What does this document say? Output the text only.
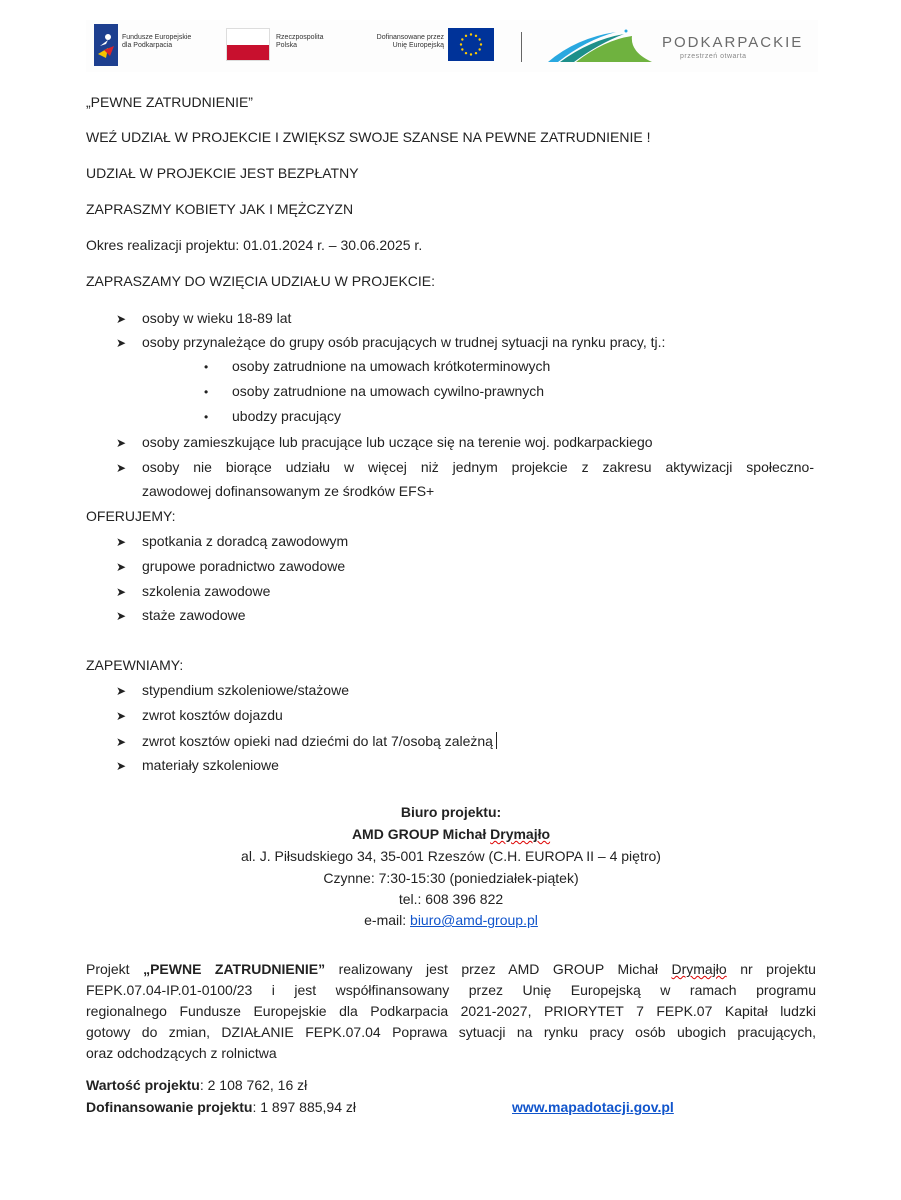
Fundusze Europejskie
dla Podkarpacia
Rzeczpospolita
Polska
Dofinansowane przez
Unię Europejską	PODKARPACKIE
przestrzeń otwarta
„PEWNE ZATRUDNIENIE”
WEŹ UDZIAŁ W PROJEKCIE I ZWIĘKSZ SWOJE SZANSE NA PEWNE ZATRUDNIENIE !
UDZIAŁ W PROJEKCIE JEST BEZPŁATNY
ZAPRASZMY KOBIETY JAK I MĘŻCZYZN
Okres realizacji projektu: 01.01.2024 r. – 30.06.2025 r.
ZAPRASZAMY DO WZIĘCIA UDZIAŁU W PROJEKCIE:
➤ osoby w wieku 18-89 lat
➤ osoby przynależące do grupy osób pracujących w trudnej sytuacji na rynku pracy, tj.:
• osoby zatrudnione na umowach krótkoterminowych
• osoby zatrudnione na umowach cywilno-prawnych
• ubodzy pracujący
➤ osoby zamieszkujące lub pracujące lub uczące się na terenie woj. podkarpackiego
➤	osoby nie biorące udziału w więcej niż jednym projekcie z zakresu aktywizacji społeczno-
zawodowej dofinansowanym ze środków EFS+
OFERUJEMY:
➤ spotkania z doradcą zawodowym
➤ grupowe poradnictwo zawodowe
➤ szkolenia zawodowe
➤ staże zawodowe
ZAPEWNIAMY:
➤ stypendium szkoleniowe/stażowe
➤ zwrot kosztów dojazdu
➤ zwrot kosztów opieki nad dziećmi do lat 7/osobą zależną
➤ materiały szkoleniowe
Biuro projektu:
AMD GROUP Michał Drymajło
al. J. Piłsudskiego 34, 35-001 Rzeszów (C.H. EUROPA II – 4 piętro)
Czynne: 7:30-15:30 (poniedziałek-piątek)
tel.: 608 396 822
e-mail: biuro@amd-group.pl
Projekt „PEWNE ZATRUDNIENIE” realizowany jest przez AMD GROUP Michał Drymajło nr projektu
FEPK.07.04-IP.01-0100/23 i jest współfinansowany przez Unię Europejską w ramach programu
regionalnego Fundusze Europejskie dla Podkarpacia 2021-2027, PRIORYTET 7 FEPK.07 Kapitał ludzki
gotowy do zmian, DZIAŁANIE FEPK.07.04 Poprawa sytuacji na rynku pracy osób ubogich pracujących,
oraz odchodzących z rolnictwa
Wartość projektu: 2 108 762, 16 zł
Dofinansowanie projektu: 1 897 885,94 zł	www.mapadotacji.gov.pl
